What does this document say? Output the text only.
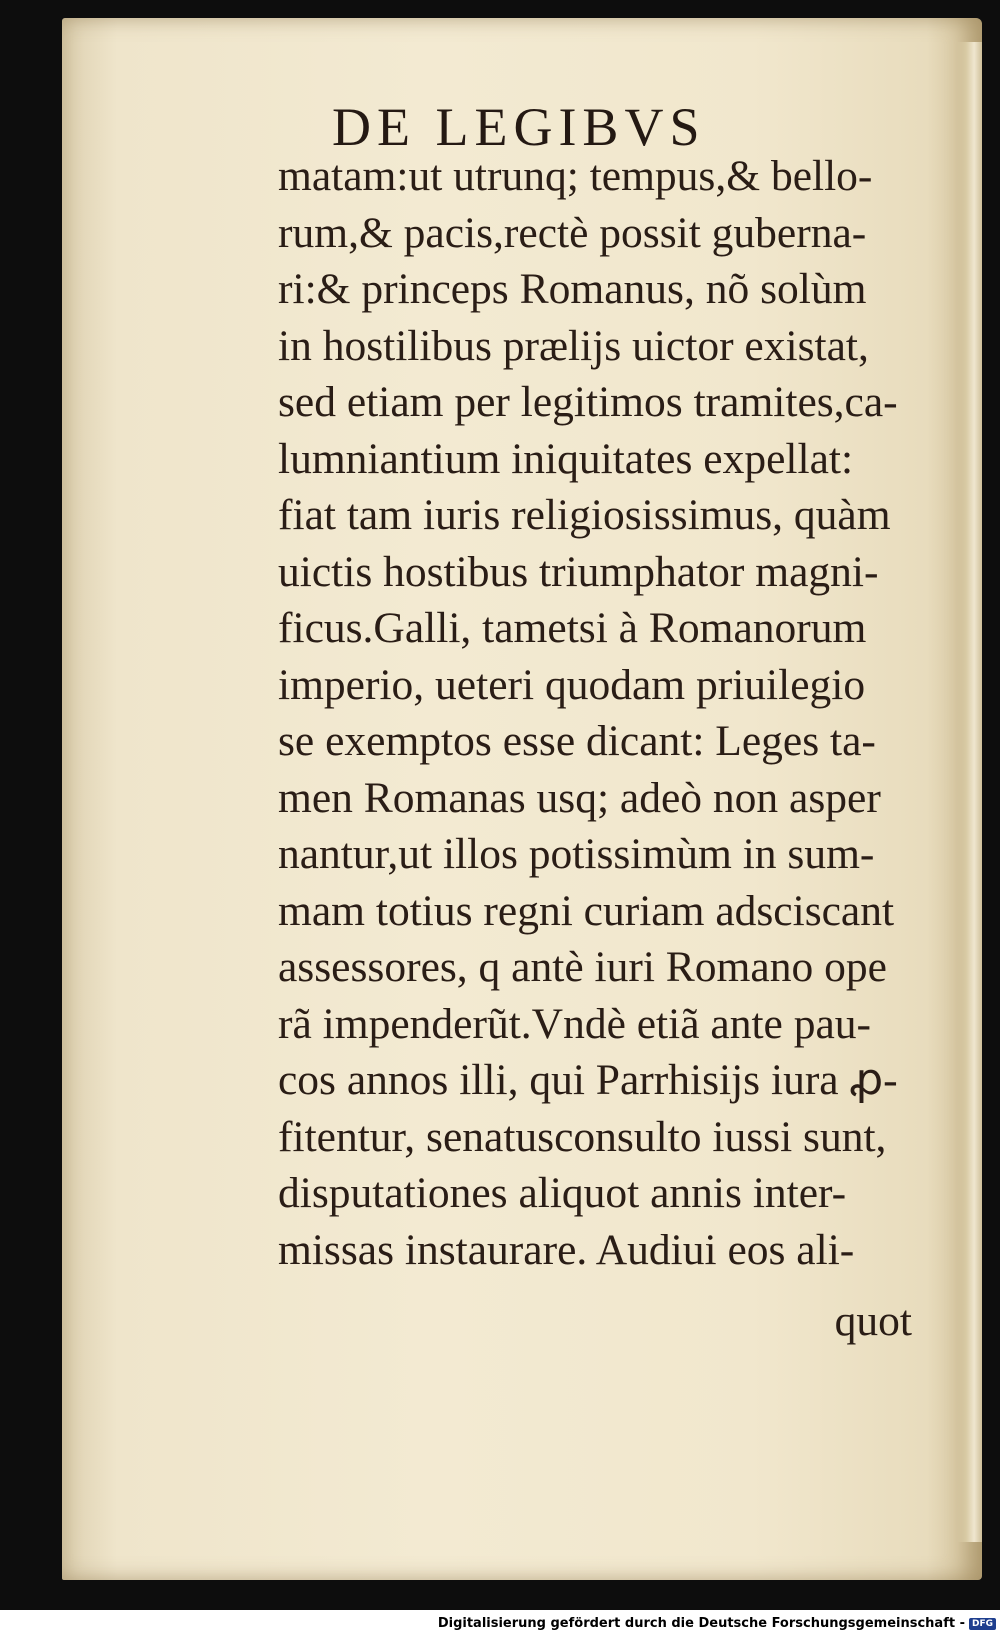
DE LEGIBVS
matam:ut utrunq; tempus,& bello-
rum,& pacis,rectè possit guberna-
ri:& princeps Romanus, nõ solùm
in hostilibus prælijs uictor existat,
sed etiam per legitimos tramites,ca-
lumniantium iniquitates expellat:
fiat tam iuris religiosissimus, quàm
uictis hostibus triumphator magni-
ficus.Galli, tametsi à Romanorum
imperio, ueteri quodam priuilegio
se exemptos esse dicant: Leges ta-
men Romanas usq; adeò non asper
nantur,ut illos potissimùm in sum-
mam totius regni curiam adsciscant
assessores, q antè iuri Romano ope
rã impenderũt.Vndè etiã ante pau-
cos annos illi, qui Parrhisijs iura ꝓ-
fitentur, senatusconsulto iussi sunt,
disputationes aliquot annis inter-
missas instaurare. Audiui eos ali-
quot
Digitalisierung gefördert durch die Deutsche Forschungsgemeinschaft - DFG
